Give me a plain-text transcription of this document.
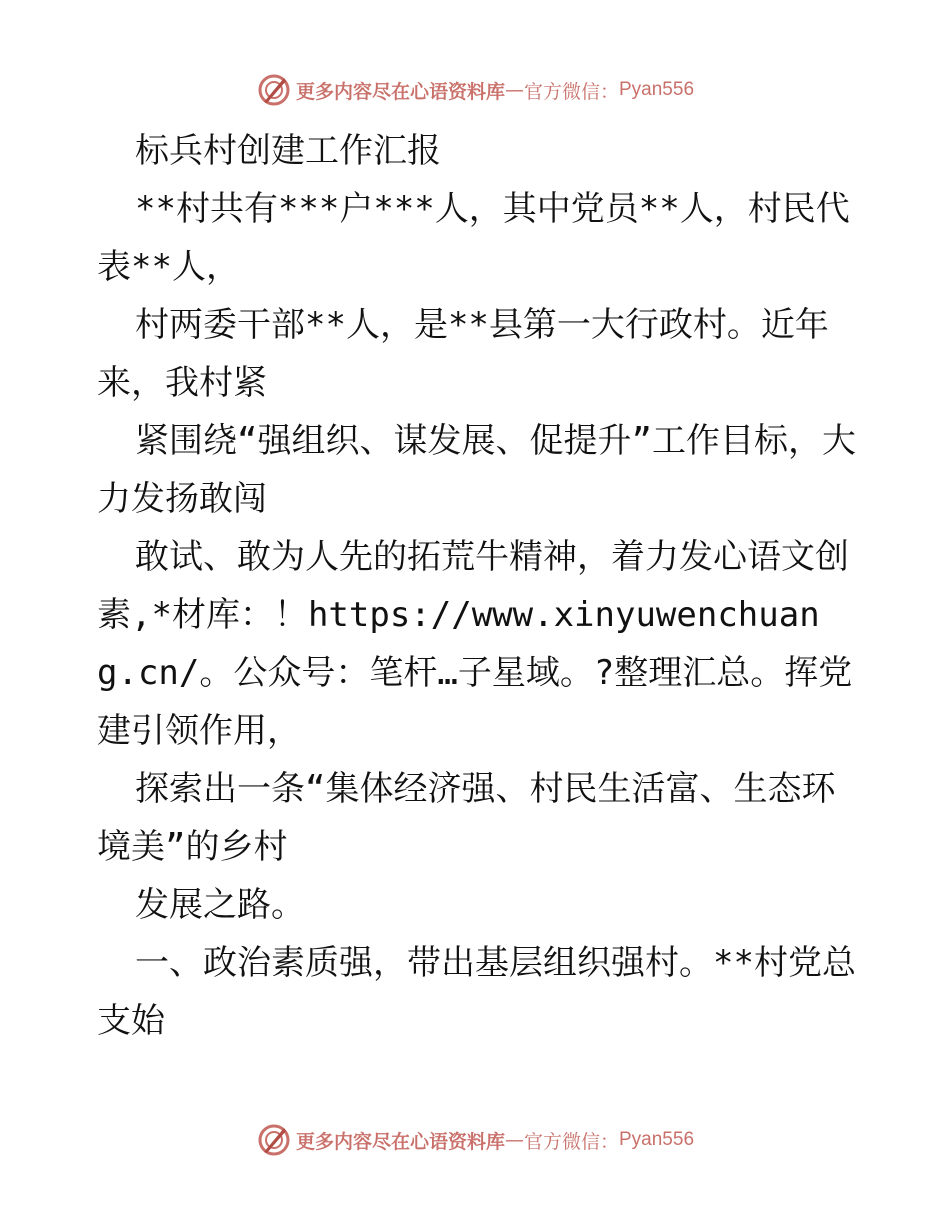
更多内容尽在心语资料库 — 官方微信： Pyan556

标兵村创建工作汇报

**村共有***户***人，其中党员**人，村民代表**人，

村两委干部**人，是**县第一大行政村。近年来，我村紧

紧围绕“强组织、谋发展、促提升”工作目标，大力发扬敢闯

敢试、敢为人先的拓荒牛精神，着力发心语文创素,*材库：！https://www.xinyuwenchuang.cn/。公众号：笔杆…子星域。?整理汇总。挥党建引领作用，

探索出一条“集体经济强、村民生活富、生态环境美”的乡村

发展之路。

一、政治素质强，带出基层组织强村。**村党总支始

更多内容尽在心语资料库 — 官方微信： Pyan556
